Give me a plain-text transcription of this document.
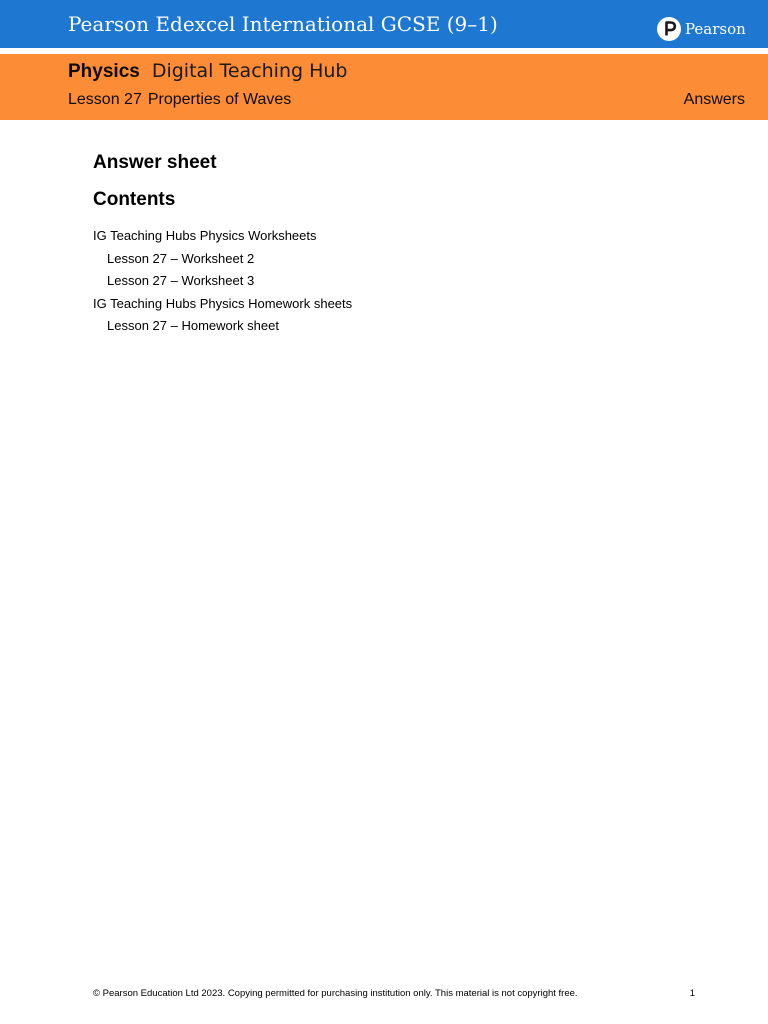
Pearson Edexcel International GCSE (9–1)	Pearson
Physics Digital Teaching Hub
Lesson 27 Properties of Waves	Answers
Answer sheet
Contents
IG Teaching Hubs Physics Worksheets
Lesson 27 – Worksheet 2
Lesson 27 – Worksheet 3
IG Teaching Hubs Physics Homework sheets
Lesson 27 – Homework sheet
© Pearson Education Ltd 2023. Copying permitted for purchasing institution only. This material is not copyright free.	1
